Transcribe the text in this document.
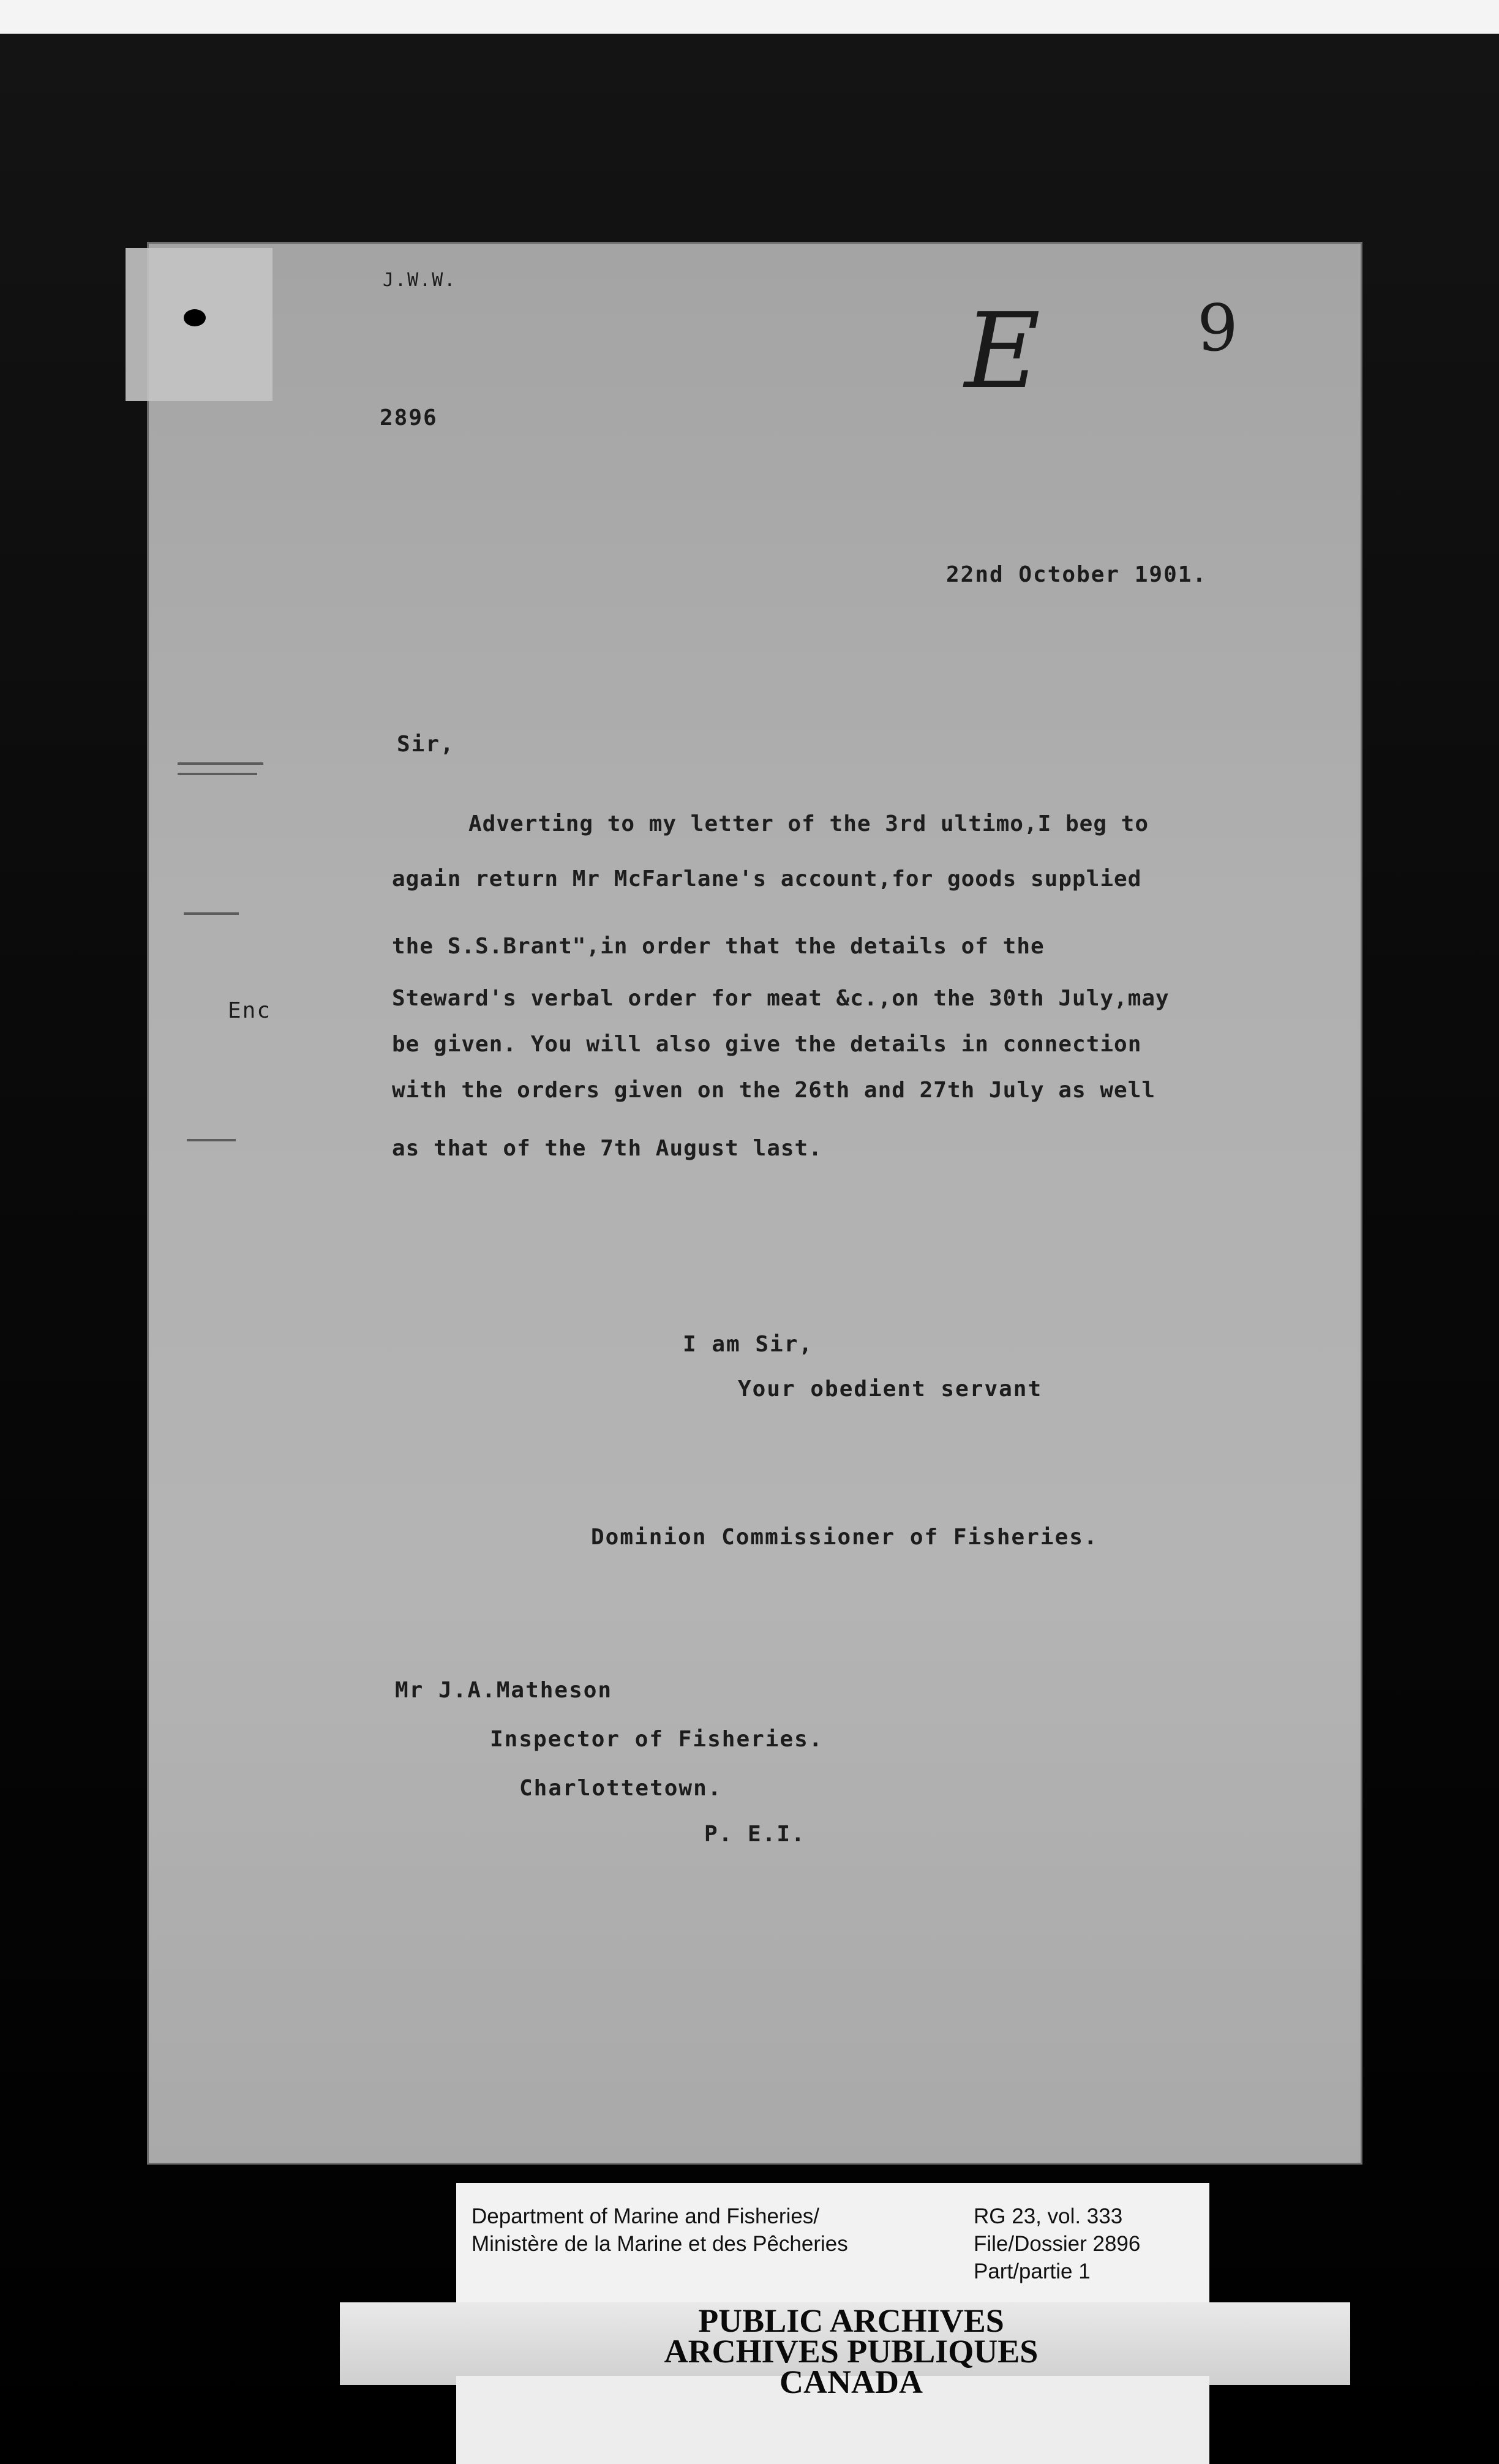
J.W.W.
2896
E 9
22nd October 1901.
Sir,
Enc
Adverting to my letter of the 3rd ultimo,I beg to
again return Mr McFarlane's account,for goods supplied
the S.S.Brant",in order that the details of the
Steward's verbal order for meat &c.,on the 30th July,may
be given. You will also give the details in connection
with the orders given on the 26th and 27th July as well
as that of the 7th August last.
I am Sir,
Your obedient servant
Dominion Commissioner of Fisheries.
Mr J.A.Matheson
Inspector of Fisheries.
Charlottetown.
P. E.I.
Department of Marine and Fisheries/
Ministère de la Marine et des Pêcheries
RG 23, vol. 333
File/Dossier 2896
Part/partie 1
PUBLIC ARCHIVES
ARCHIVES PUBLIQUES
CANADA
